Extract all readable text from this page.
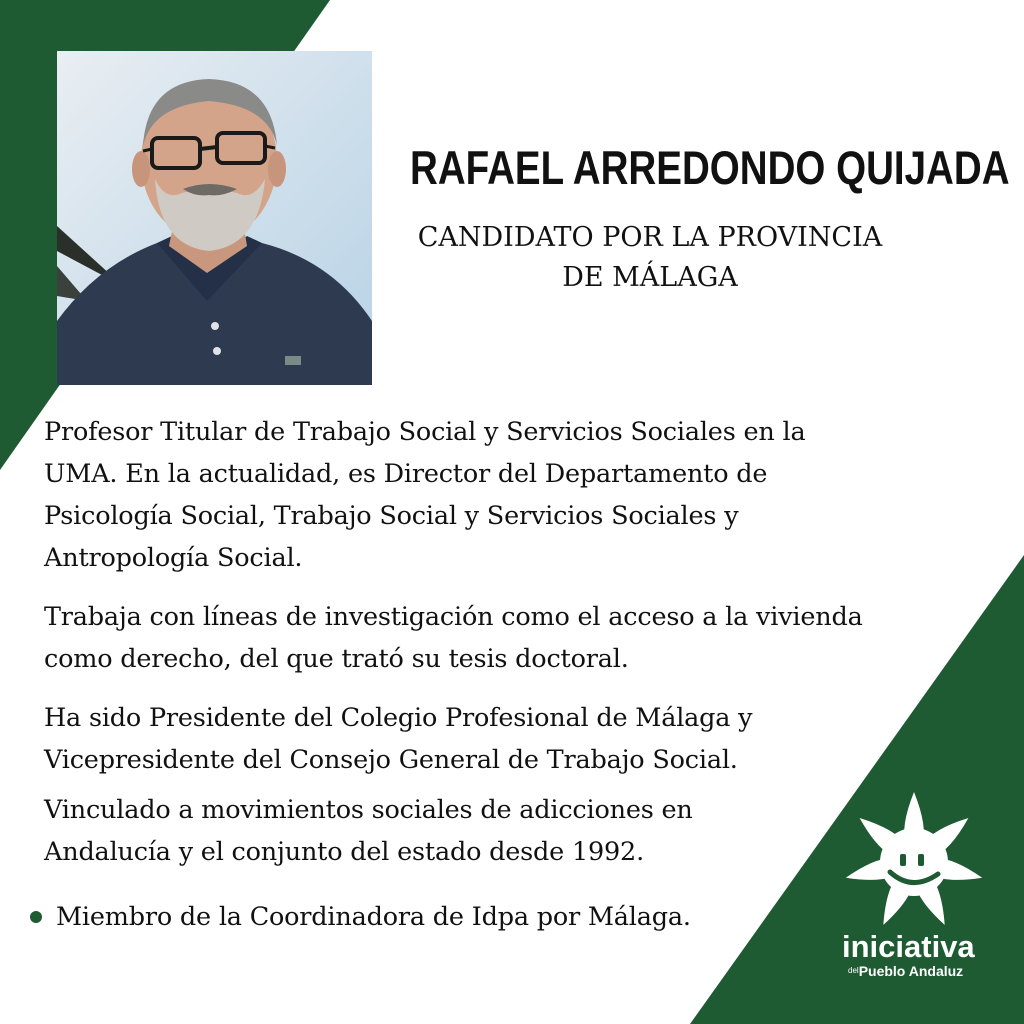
RAFAEL ARREDONDO QUIJADA
CANDIDATO POR LA PROVINCIA
DE MÁLAGA
Profesor Titular de Trabajo Social y Servicios Sociales en la
UMA. En la actualidad, es Director del Departamento de
Psicología Social, Trabajo Social y Servicios Sociales y
Antropología Social.
Trabaja con líneas de investigación como el acceso a la vivienda
como derecho, del que trató su tesis doctoral.
Ha sido Presidente del Colegio Profesional de Málaga y
Vicepresidente del Consejo General de Trabajo Social.
Vinculado a movimientos sociales de adicciones en
Andalucía y el conjunto del estado desde 1992.
Miembro de la Coordinadora de Idpa por Málaga.
iniciativa
$^{del}$Pueblo Andaluz
